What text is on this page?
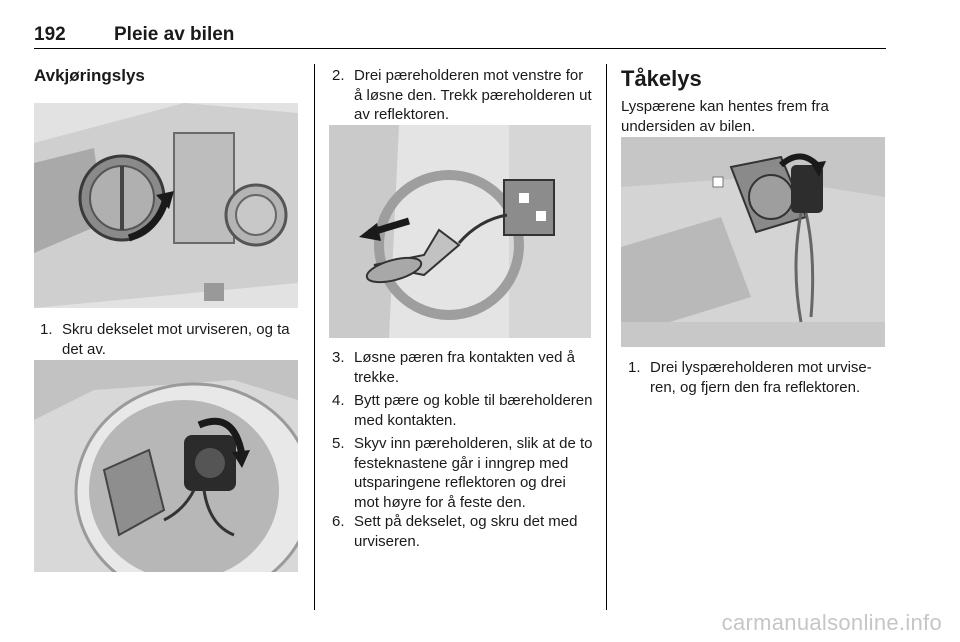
192	Pleie av bilen
Avkjøringslys
1. Skru dekselet mot urviseren, og ta det av.
2. Drei pæreholderen mot venstre for å løsne den. Trekk pæreholderen ut av reflektoren.
3. Løsne pæren fra kontakten ved å trekke.
4. Bytt pære og koble til bæreholderen med kontakten.
5. Skyv inn pæreholderen, slik at de to festeknastene går i inngrep med utsparingene reflektoren og drei mot høyre for å feste den.
6. Sett på dekselet, og skru det med urviseren.
Tåkelys
Lyspærene kan hentes frem fra undersiden av bilen.
1. Drei lyspæreholderen mot urviseren, og fjern den fra reflektoren.
carmanualsonline.info
